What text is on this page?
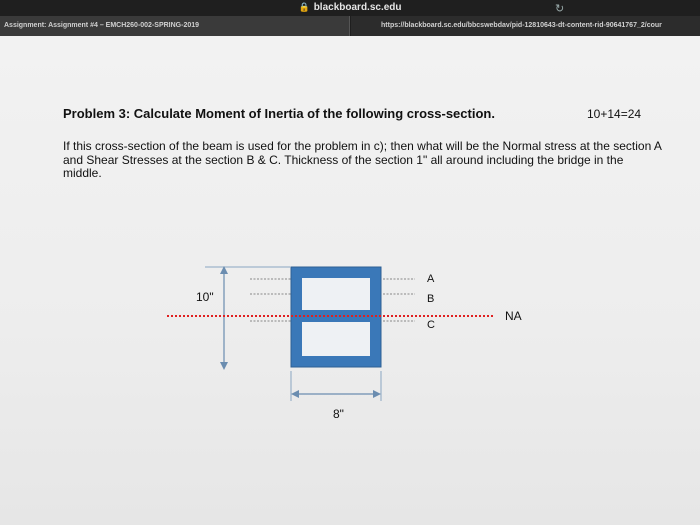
🔒 blackboard.sc.edu	↻
Assignment: Assignment #4 – EMCH260-002-SPRING-2019	https://blackboard.sc.edu/bbcswebdav/pid-12810643-dt-content-rid-90641767_2/cour
Problem 3: Calculate Moment of Inertia of the following cross-section.	10+14=24
If this cross-section of the beam is used for the problem in c); then what will be the Normal stress at the section A and Shear Stresses at the section B & C. Thickness of the section 1" all around including the bridge in the middle.
10"
NA
A
B
C
8"
